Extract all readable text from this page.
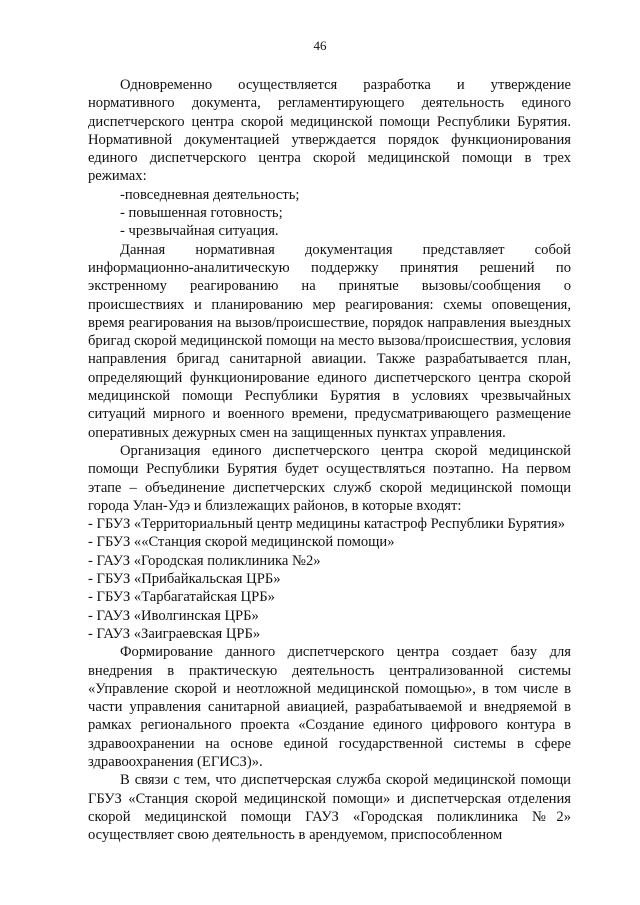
46

Одновременно осуществляется разработка и утверждение нормативного документа, регламентирующего деятельность единого диспетчерского центра скорой медицинской помощи Республики Бурятия. Нормативной документацией утверждается порядок функционирования единого диспетчерского центра скорой медицинской помощи в трех режимах:

-повседневная деятельность;

- повышенная готовность;

- чрезвычайная ситуация.

Данная нормативная документация представляет собой информационно-аналитическую поддержку принятия решений по экстренному реагированию на принятые вызовы/сообщения о происшествиях и планированию мер реагирования: схемы оповещения, время реагирования на вызов/происшествие, порядок направления выездных бригад скорой медицинской помощи на место вызова/происшествия, условия направления бригад санитарной авиации. Также разрабатывается план, определяющий функционирование единого диспетчерского центра скорой медицинской помощи Республики Бурятия в условиях чрезвычайных ситуаций мирного и военного времени, предусматривающего размещение оперативных дежурных смен на защищенных пунктах управления.

Организация единого диспетчерского центра скорой медицинской помощи Республики Бурятия будет осуществляться поэтапно. На первом этапе – объединение диспетчерских служб скорой медицинской помощи города Улан-Удэ и близлежащих районов, в которые входят:

- ГБУЗ «Территориальный центр медицины катастроф Республики Бурятия»

- ГБУЗ ««Станция скорой медицинской помощи»

- ГАУЗ «Городская поликлиника №2»

- ГБУЗ «Прибайкальская ЦРБ»

- ГБУЗ «Тарбагатайская ЦРБ»

- ГАУЗ «Иволгинская ЦРБ»

- ГАУЗ «Заиграевская ЦРБ»

Формирование данного диспетчерского центра создает базу для внедрения в практическую деятельность централизованной системы «Управление скорой и неотложной медицинской помощью», в том числе в части управления санитарной авиацией, разрабатываемой и внедряемой в рамках регионального проекта «Создание единого цифрового контура в здравоохранении на основе единой государственной системы в сфере здравоохранения (ЕГИСЗ)».

В связи с тем, что диспетчерская служба скорой медицинской помощи ГБУЗ «Станция скорой медицинской помощи» и диспетчерская отделения скорой медицинской помощи ГАУЗ «Городская поликлиника №2» осуществляет свою деятельность в арендуемом, приспособленном
